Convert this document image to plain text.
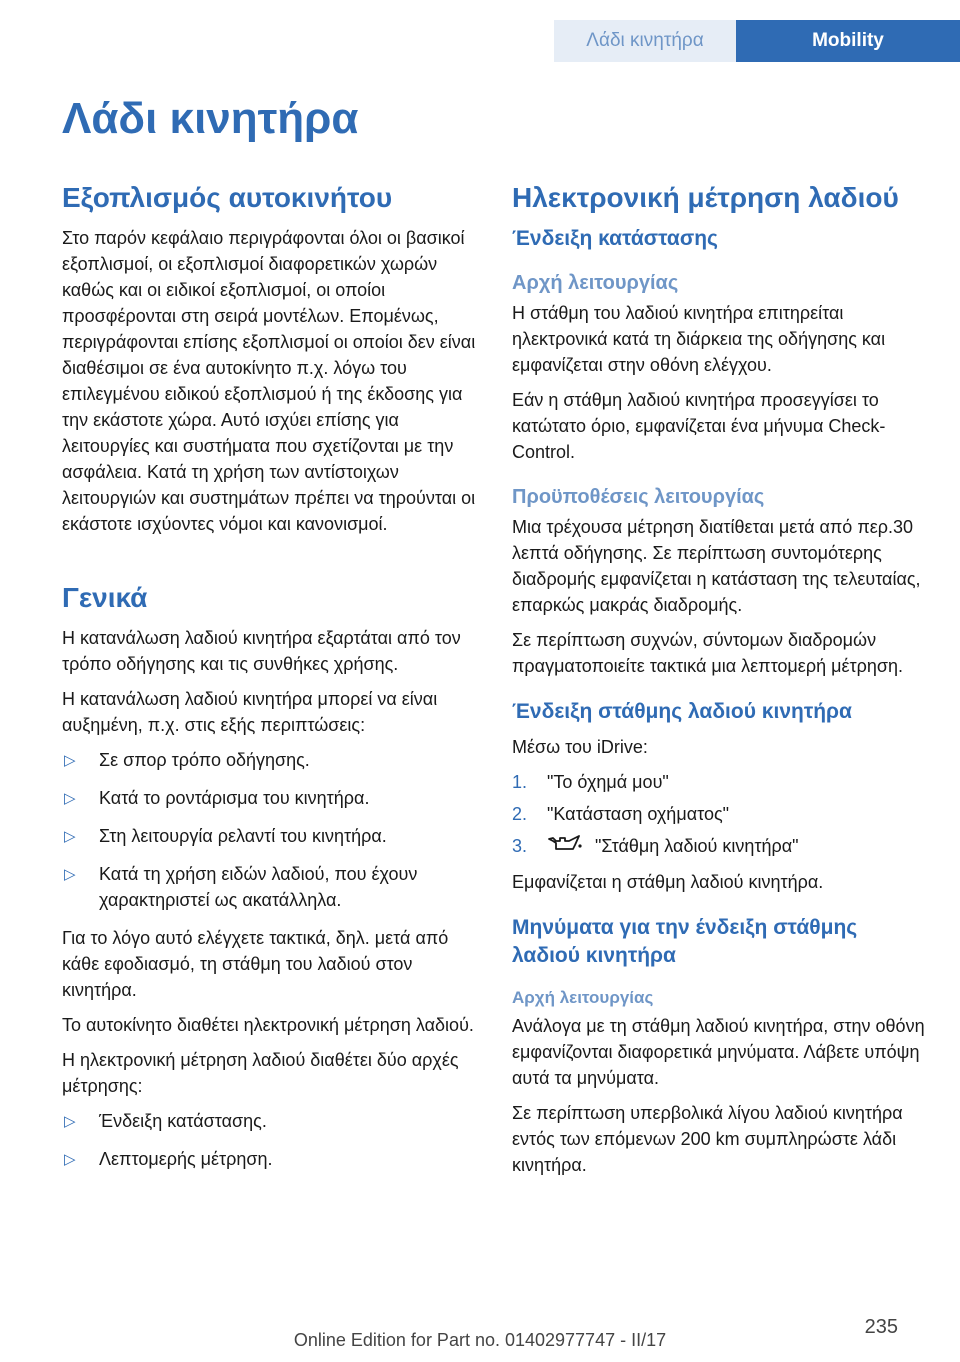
Λάδι κινητήρα	Mobility
Λάδι κινητήρα
Εξοπλισμός αυτοκινήτου

Στο παρόν κεφάλαιο περιγράφονται όλοι οι βασικοί εξοπλισμοί, οι εξοπλισμοί διαφορετικών χωρών καθώς και οι ειδικοί εξοπλισμοί, οι οποίοι προσφέρονται στη σειρά μοντέλων. Επομένως, περιγράφονται επίσης εξοπλισμοί οι οποίοι δεν είναι διαθέσιμοι σε ένα αυτοκίνητο π.χ. λόγω του επιλεγμένου ειδικού εξοπλισμού ή της έκδοσης για την εκάστοτε χώρα. Αυτό ισχύει επίσης για λειτουργίες και συστήματα που σχετίζονται με την ασφάλεια. Κατά τη χρήση των αντίστοιχων λειτουργιών και συστημάτων πρέπει να τηρούνται οι εκάστοτε ισχύοντες νόμοι και κανονισμοί.

Γενικά

Η κατανάλωση λαδιού κινητήρα εξαρτάται από τον τρόπο οδήγησης και τις συνθήκες χρήσης.

Η κατανάλωση λαδιού κινητήρα μπορεί να είναι αυξημένη, π.χ. στις εξής περιπτώσεις:

▷ Σε σπορ τρόπο οδήγησης.
▷ Κατά το ροντάρισμα του κινητήρα.
▷ Στη λειτουργία ρελαντί του κινητήρα.
▷ Κατά τη χρήση ειδών λαδιού, που έχουν χαρακτηριστεί ως ακατάλληλα.

Για το λόγο αυτό ελέγχετε τακτικά, δηλ. μετά από κάθε εφοδιασμό, τη στάθμη του λαδιού στον κινητήρα.

Το αυτοκίνητο διαθέτει ηλεκτρονική μέτρηση λαδιού.

Η ηλεκτρονική μέτρηση λαδιού διαθέτει δύο αρχές μέτρησης:

▷ Ένδειξη κατάστασης.
▷ Λεπτομερής μέτρηση.
Ηλεκτρονική μέτρηση λαδιού
Ένδειξη κατάστασης
Αρχή λειτουργίας

Η στάθμη του λαδιού κινητήρα επιτηρείται ηλεκτρονικά κατά τη διάρκεια της οδήγησης και εμφανίζεται στην οθόνη ελέγχου.

Εάν η στάθμη λαδιού κινητήρα προσεγγίσει το κατώτατο όριο, εμφανίζεται ένα μήνυμα Check-Control.

Προϋποθέσεις λειτουργίας

Μια τρέχουσα μέτρηση διατίθεται μετά από περ.30 λεπτά οδήγησης. Σε περίπτωση συντομότερης διαδρομής εμφανίζεται η κατάσταση της τελευταίας, επαρκώς μακράς διαδρομής.

Σε περίπτωση συχνών, σύντομων διαδρομών πραγματοποιείτε τακτικά μια λεπτομερή μέτρηση.

Ένδειξη στάθμης λαδιού κινητήρα

Μέσω του iDrive:

1. "Το όχημά μου"
2. "Κατάσταση οχήματος"
3.	"Στάθμη λαδιού κινητήρα"

Εμφανίζεται η στάθμη λαδιού κινητήρα.

Μηνύματα για την ένδειξη στάθμης λαδιού κινητήρα
Αρχή λειτουργίας

Ανάλογα με τη στάθμη λαδιού κινητήρα, στην οθόνη εμφανίζονται διαφορετικά μηνύματα. Λάβετε υπόψη αυτά τα μηνύματα.

Σε περίπτωση υπερβολικά λίγου λαδιού κινητήρα εντός των επόμενων 200 km συμπληρώστε λάδι κινητήρα.

235
Online Edition for Part no. 01402977747 - II/17
